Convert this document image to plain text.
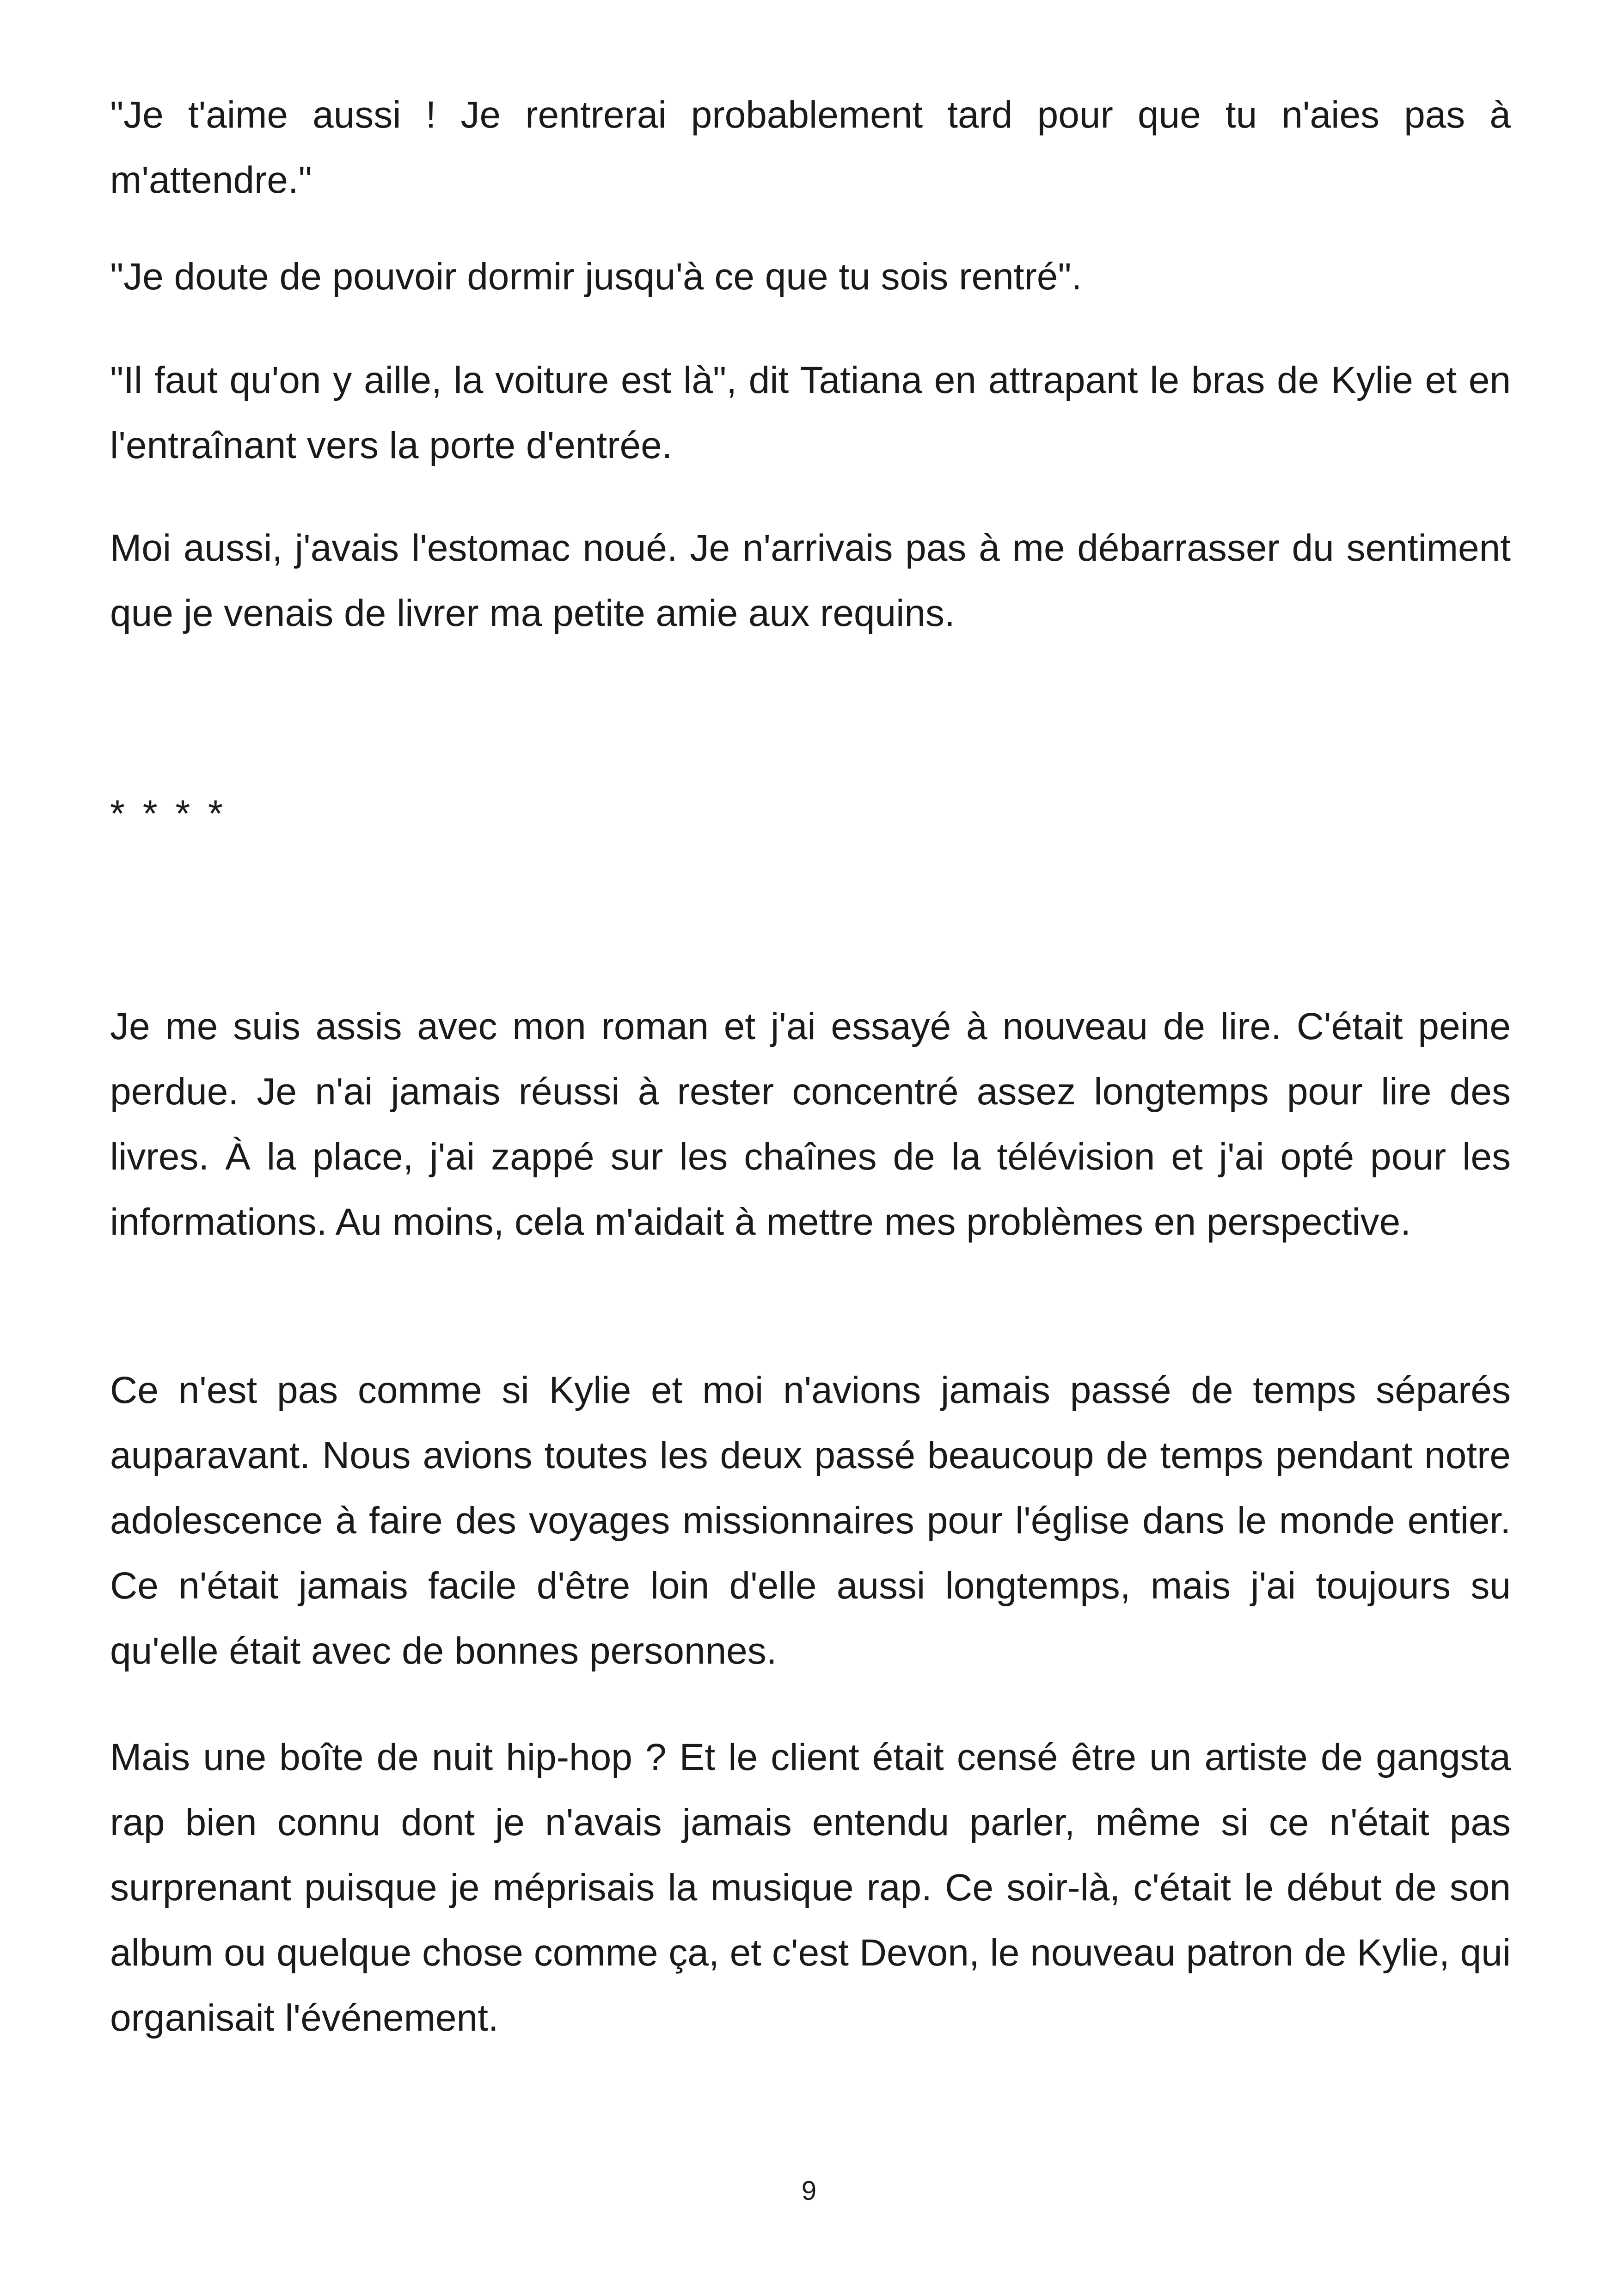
"Je t'aime aussi ! Je rentrerai probablement tard pour que tu n'aies pas à m'attendre."

"Je doute de pouvoir dormir jusqu'à ce que tu sois rentré".

"Il faut qu'on y aille, la voiture est là", dit Tatiana en attrapant le bras de Kylie et en l'entraînant vers la porte d'entrée.

Moi aussi, j'avais l'estomac noué. Je n'arrivais pas à me débarrasser du sentiment que je venais de livrer ma petite amie aux requins.

* * * *

Je me suis assis avec mon roman et j'ai essayé à nouveau de lire. C'était peine perdue. Je n'ai jamais réussi à rester concentré assez longtemps pour lire des livres. À la place, j'ai zappé sur les chaînes de la télévision et j'ai opté pour les informations. Au moins, cela m'aidait à mettre mes problèmes en perspective.

Ce n'est pas comme si Kylie et moi n'avions jamais passé de temps séparés auparavant. Nous avions toutes les deux passé beaucoup de temps pendant notre adolescence à faire des voyages missionnaires pour l'église dans le monde entier. Ce n'était jamais facile d'être loin d'elle aussi longtemps, mais j'ai toujours su qu'elle était avec de bonnes personnes.

Mais une boîte de nuit hip-hop ? Et le client était censé être un artiste de gangsta rap bien connu dont je n'avais jamais entendu parler, même si ce n'était pas surprenant puisque je méprisais la musique rap. Ce soir-là, c'était le début de son album ou quelque chose comme ça, et c'est Devon, le nouveau patron de Kylie, qui organisait l'événement.

9
